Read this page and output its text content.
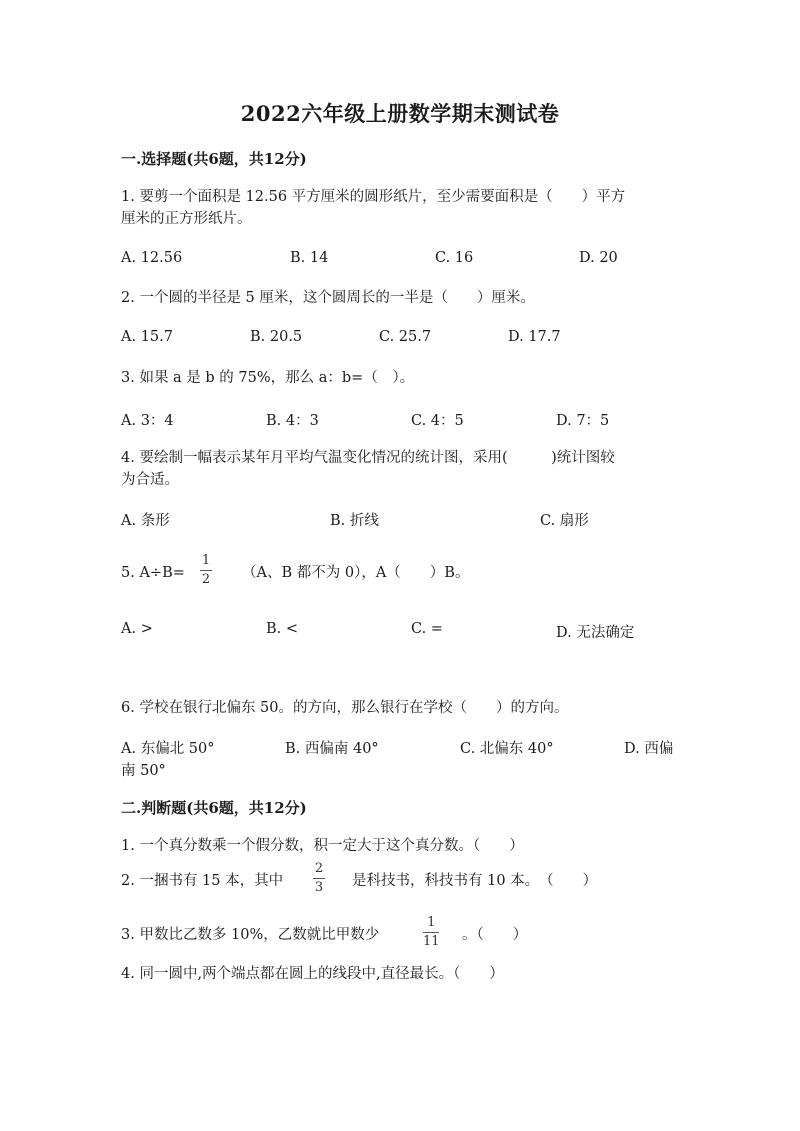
2022六年级上册数学期末测试卷
一.选择题(共6题，共12分)
1. 要剪一个面积是 12.56 平方厘米的圆形纸片，至少需要面积是（　　）平方
厘米的正方形纸片。
A. 12.56	B. 14	C. 16	D. 20
2. 一个圆的半径是 5 厘米，这个圆周长的一半是（　　）厘米。
A. 15.7	B. 20.5	C. 25.7	D. 17.7
3. 如果 a 是 b 的 75%，那么 a：b=（　）。
A. 3：4	B. 4：3	C. 4：5	D. 7：5
4. 要绘制一幅表示某年月平均气温变化情况的统计图，采用(　　　)统计图较
为合适。
A. 条形	B. 折线	C. 扇形
5. A÷B=
1
2 （A、B 都不为 0），A（　　）B。
A. >	B. <	C. =	D. 无法确定
6. 学校在银行北偏东 50。的方向，那么银行在学校（　　）的方向。
A. 东偏北 50°	B. 西偏南 40°	C. 北偏东 40°	D. 西偏
南 50°
二.判断题(共6题，共12分)
1. 一个真分数乘一个假分数，积一定大于这个真分数。（　　）
2. 一捆书有 15 本，其中
2
3 是科技书，科技书有 10 本。　（　　）
3. 甲数比乙数多 10%，乙数就比甲数少
1
11 。（　　）
4. 同一圆中,两个端点都在圆上的线段中,直径最长。（　　）
